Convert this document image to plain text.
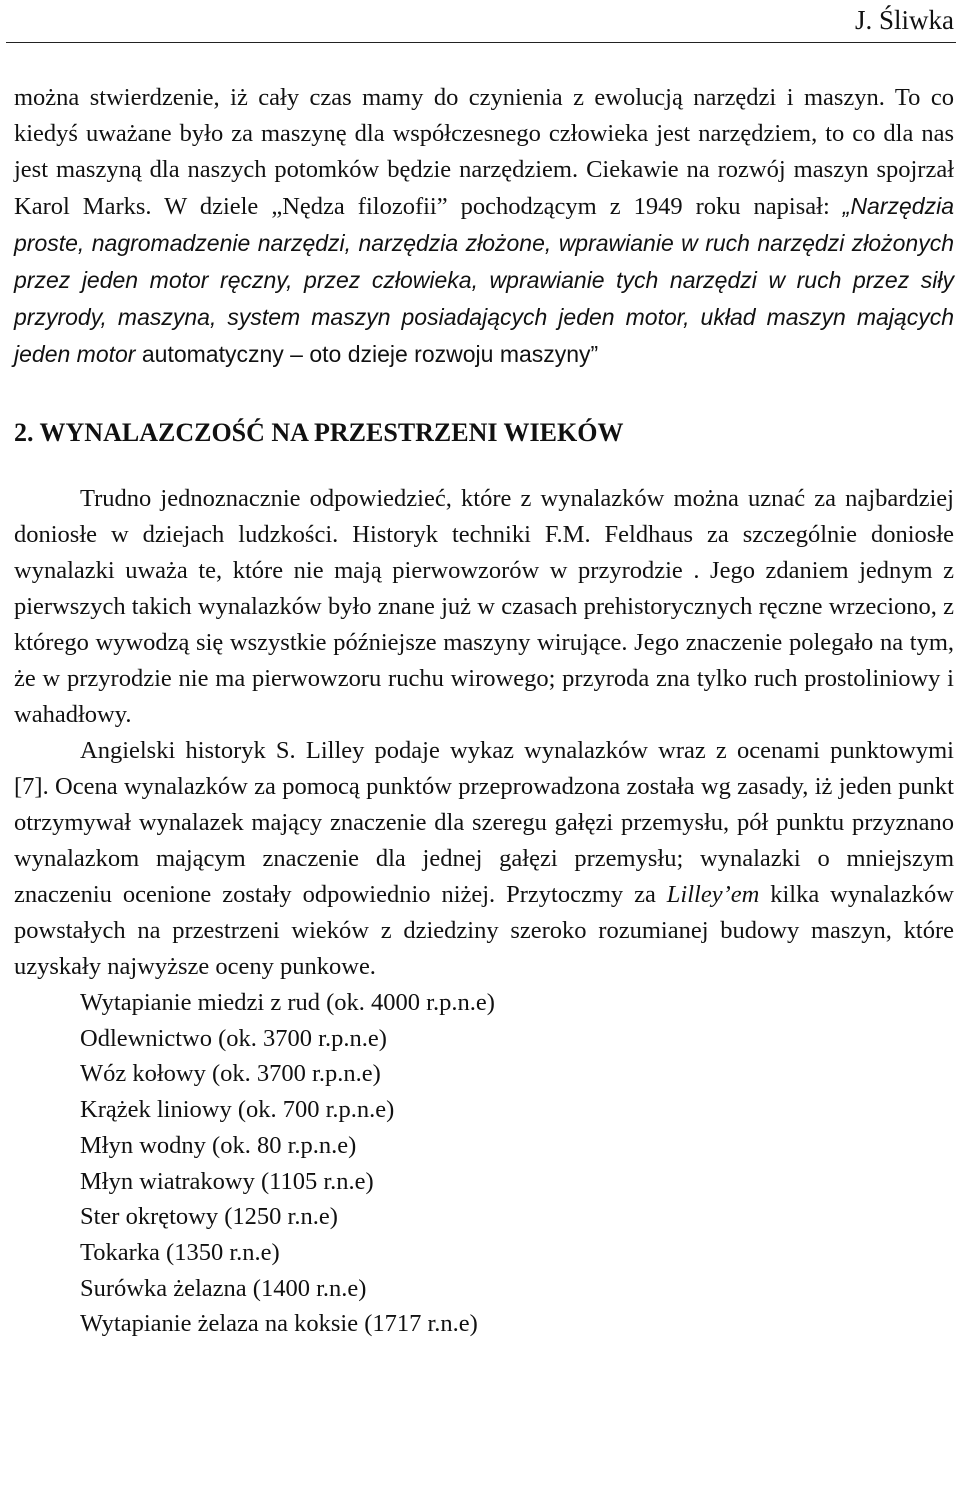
J. Śliwka

można stwierdzenie, iż cały czas mamy do czynienia z ewolucją narzędzi i maszyn. To co kiedyś uważane było za maszynę dla współczesnego człowieka jest narzędziem, to co dla nas jest maszyną dla naszych potomków będzie narzędziem. Ciekawie na rozwój maszyn spojrzał Karol Marks. W dziele „Nędza filozofii” pochodzącym z 1949 roku napisał: „Narzędzia proste, nagromadzenie narzędzi, narzędzia złożone, wprawianie w ruch narzędzi złożonych przez jeden motor ręczny, przez człowieka, wprawianie tych narzędzi w ruch przez siły przyrody, maszyna, system maszyn posiadających jeden motor, układ maszyn mających jeden motor automatyczny – oto dzieje rozwoju maszyny”

2. WYNALAZCZOŚĆ NA PRZESTRZENI WIEKÓW

Trudno jednoznacznie odpowiedzieć, które z wynalazków można uznać za najbardziej doniosłe w dziejach ludzkości. Historyk techniki F.M. Feldhaus za szczególnie doniosłe wynalazki uważa te, które nie mają pierwowzorów w przyrodzie . Jego zdaniem jednym z pierwszych takich wynalazków było znane już w czasach prehistorycznych ręczne wrzeciono, z którego wywodzą się wszystkie późniejsze maszyny wirujące. Jego znaczenie polegało na tym, że w przyrodzie nie ma pierwowzoru ruchu wirowego; przyroda zna tylko ruch prostoliniowy i wahadłowy.

Angielski historyk S. Lilley podaje wykaz wynalazków wraz z ocenami punktowymi [7]. Ocena wynalazków za pomocą punktów przeprowadzona została wg zasady, iż jeden punkt otrzymywał wynalazek mający znaczenie dla szeregu gałęzi przemysłu, pół punktu przyznano wynalazkom mającym znaczenie dla jednej gałęzi przemysłu; wynalazki o mniejszym znaczeniu ocenione zostały odpowiednio niżej. Przytoczmy za Lilley’em kilka wynalazków powstałych na przestrzeni wieków z dziedziny szeroko rozumianej budowy maszyn, które uzyskały najwyższe oceny punkowe.

Wytapianie miedzi z rud (ok. 4000 r.p.n.e)
Odlewnictwo (ok. 3700 r.p.n.e)
Wóz kołowy (ok. 3700 r.p.n.e)
Krążek liniowy (ok. 700 r.p.n.e)
Młyn wodny (ok. 80 r.p.n.e)
Młyn wiatrakowy (1105 r.n.e)
Ster okrętowy (1250 r.n.e)
Tokarka (1350 r.n.e)
Surówka żelazna (1400 r.n.e)
Wytapianie żelaza na koksie (1717 r.n.e)
